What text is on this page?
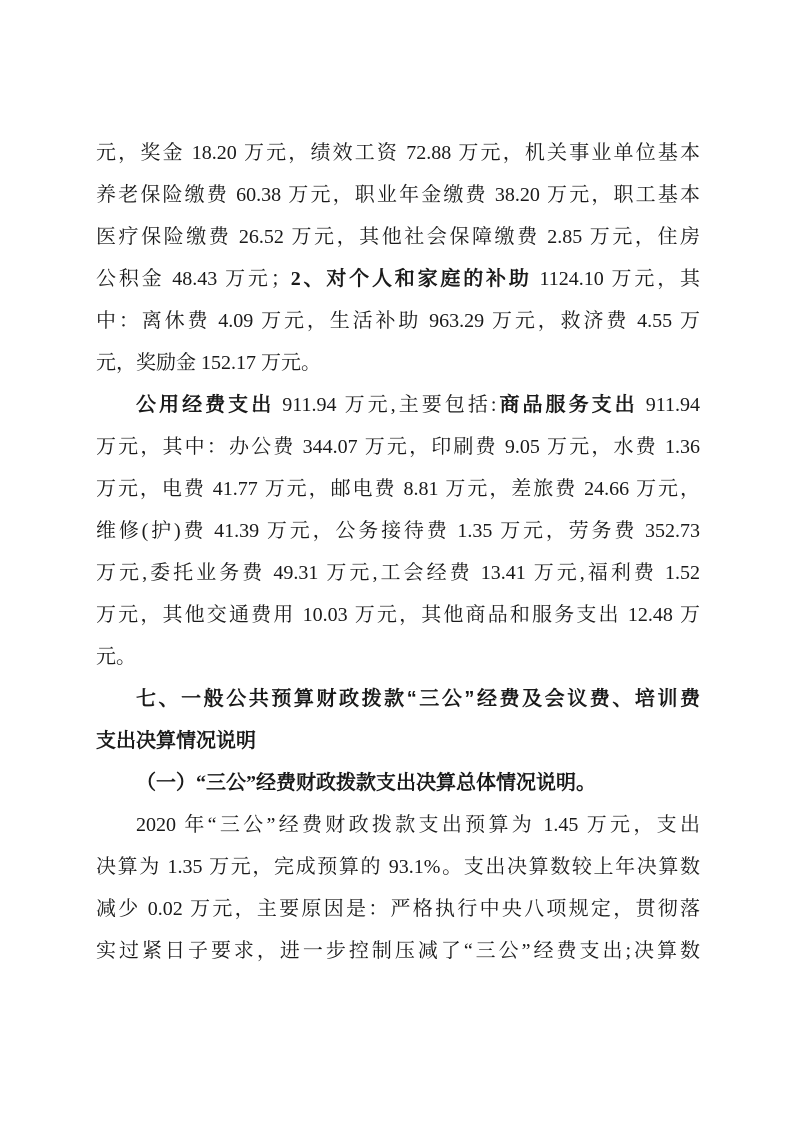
元，奖金 18.20 万元，绩效工资 72.88 万元，机关事业单位基本
养老保险缴费 60.38 万元，职业年金缴费 38.20 万元，职工基本
医疗保险缴费 26.52 万元，其他社会保障缴费 2.85 万元，住房
公积金 48.43 万元；2、对个人和家庭的补助 1124.10 万元，其
中：离休费 4.09 万元，生活补助 963.29 万元，救济费 4.55 万
元，奖励金 152.17 万元。
公用经费支出 911.94 万元,主要包括:商品服务支出 911.94
万元，其中：办公费 344.07 万元，印刷费 9.05 万元，水费 1.36
万元，电费 41.77 万元，邮电费 8.81 万元，差旅费 24.66 万元，
维修(护)费 41.39 万元，公务接待费 1.35 万元，劳务费 352.73
万元,委托业务费 49.31 万元,工会经费 13.41 万元,福利费 1.52
万元，其他交通费用 10.03 万元，其他商品和服务支出 12.48 万
元。
七、一般公共预算财政拨款“三公”经费及会议费、培训费
支出决算情况说明
（一）“三公”经费财政拨款支出决算总体情况说明。
2020 年“三公”经费财政拨款支出预算为 1.45 万元，支出
决算为 1.35 万元，完成预算的 93.1%。支出决算数较上年决算数
减少 0.02 万元，主要原因是：严格执行中央八项规定，贯彻落
实过紧日子要求，进一步控制压减了“三公”经费支出;决算数
